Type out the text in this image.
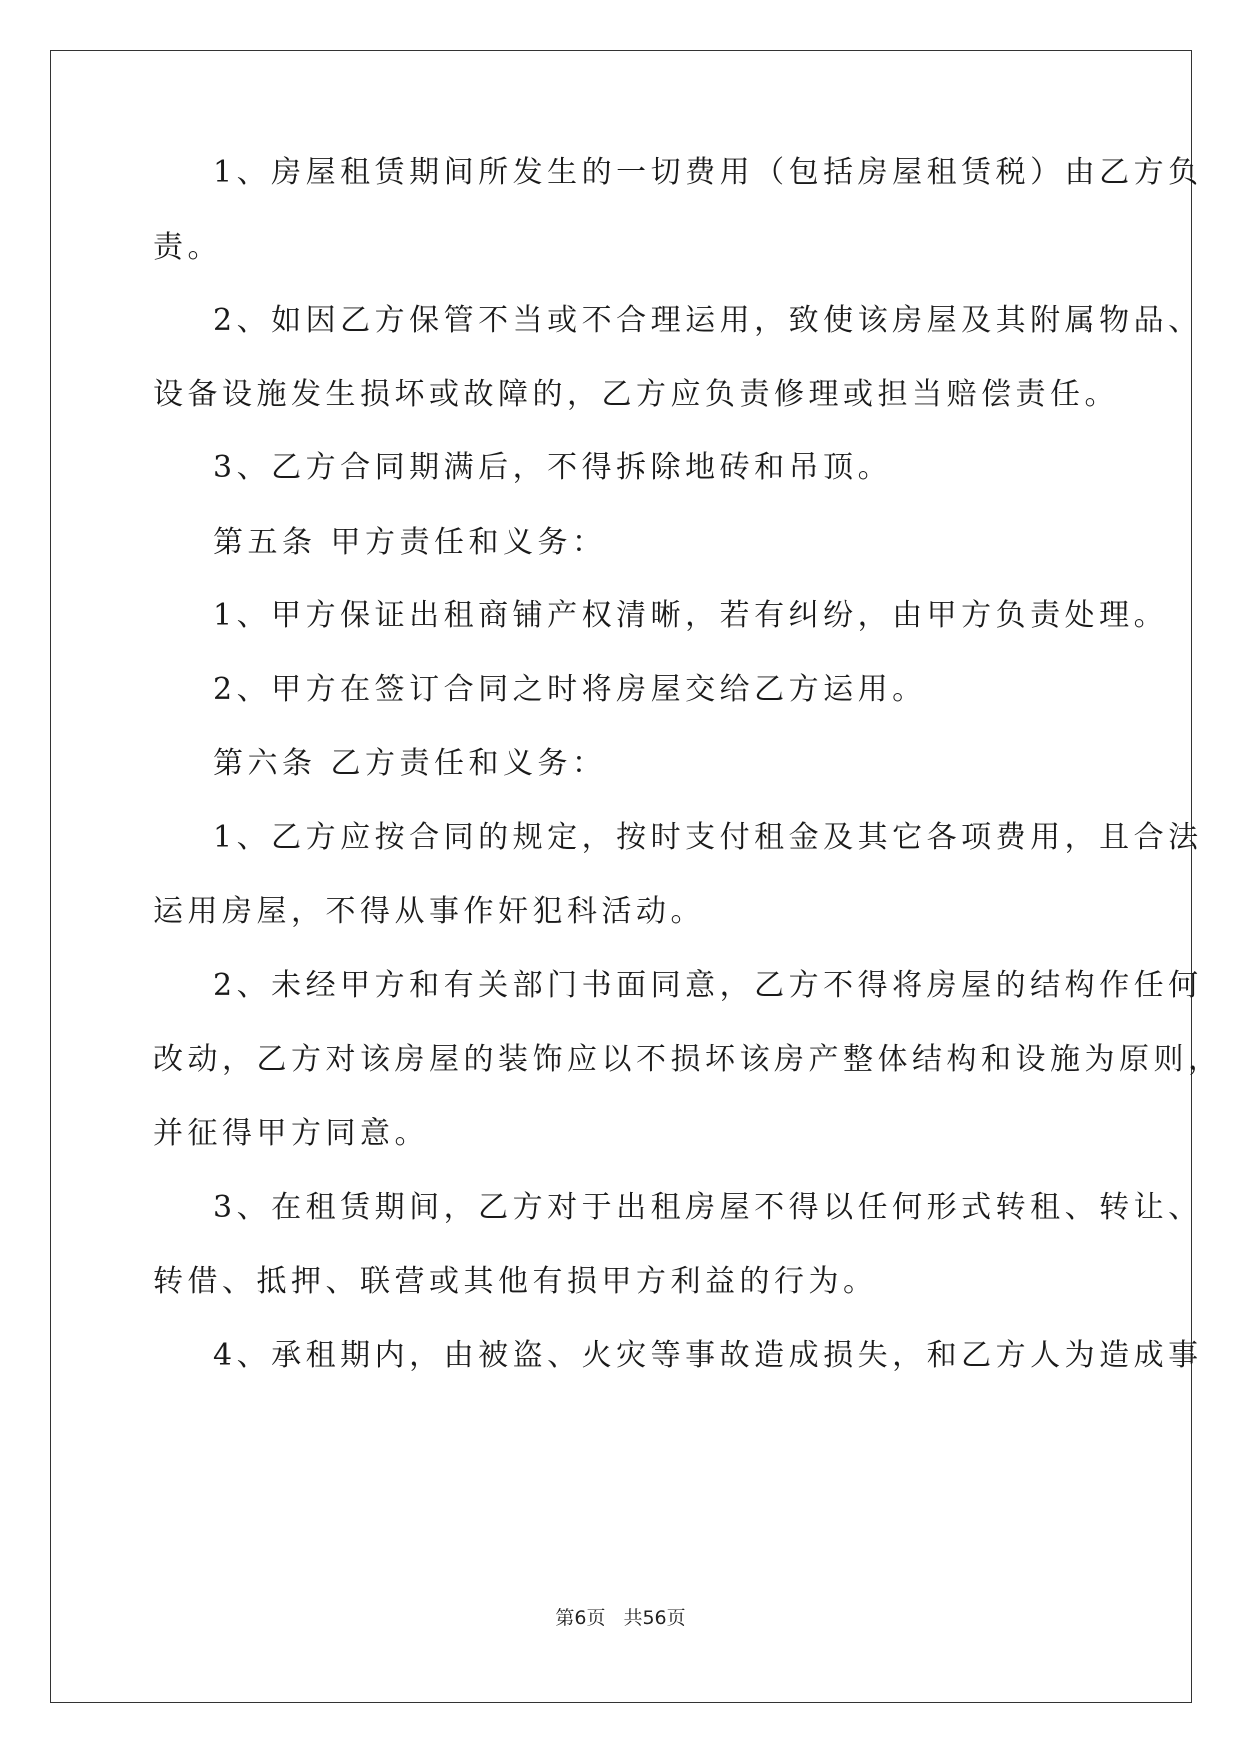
1、房屋租赁期间所发生的一切费用（包括房屋租赁税）由乙方负
责。
2、如因乙方保管不当或不合理运用，致使该房屋及其附属物品、
设备设施发生损坏或故障的，乙方应负责修理或担当赔偿责任。
3、乙方合同期满后，不得拆除地砖和吊顶。
第五条 甲方责任和义务：
1、甲方保证出租商铺产权清晰，若有纠纷，由甲方负责处理。
2、甲方在签订合同之时将房屋交给乙方运用。
第六条 乙方责任和义务：
1、乙方应按合同的规定，按时支付租金及其它各项费用，且合法
运用房屋，不得从事作奸犯科活动。
2、未经甲方和有关部门书面同意，乙方不得将房屋的结构作任何
改动，乙方对该房屋的装饰应以不损坏该房产整体结构和设施为原则，
并征得甲方同意。
3、在租赁期间，乙方对于出租房屋不得以任何形式转租、转让、
转借、抵押、联营或其他有损甲方利益的行为。
4、承租期内，由被盗、火灾等事故造成损失，和乙方人为造成事
第6页 共56页
